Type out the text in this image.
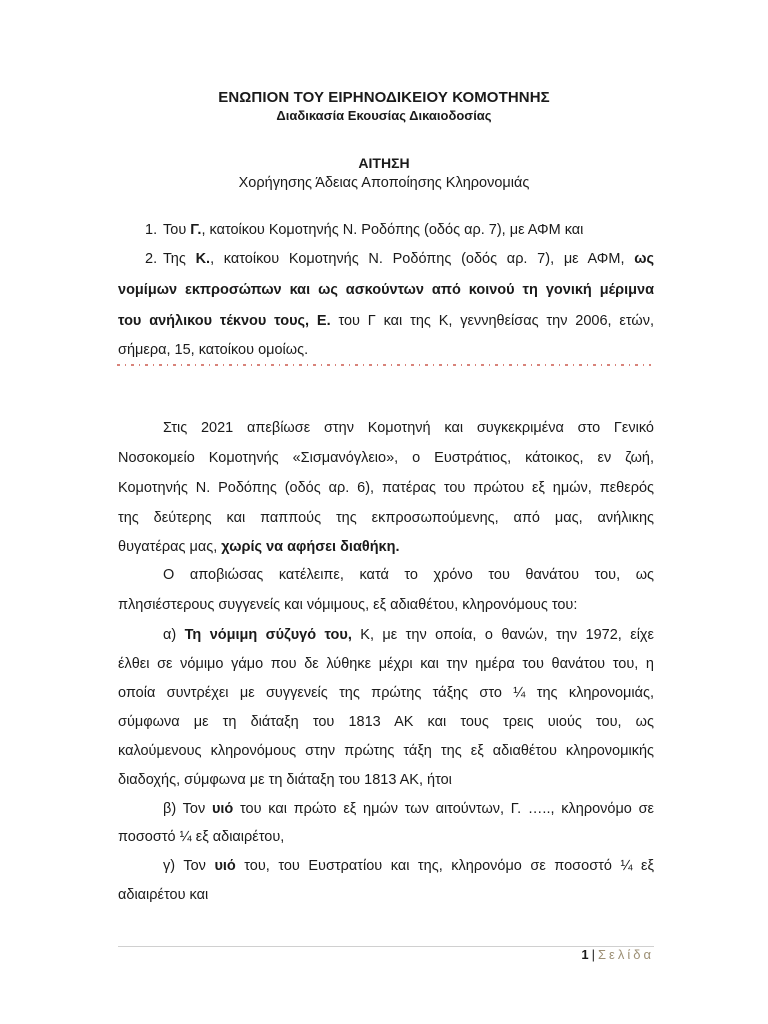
ΕΝΩΠΙΟΝ ΤΟΥ ΕΙΡΗΝΟΔΙΚΕΙΟΥ ΚΟΜΟΤΗΝΗΣ
Διαδικασία Εκουσίας Δικαιοδοσίας
ΑΙΤΗΣΗ
Χορήγησης Άδειας Αποποίησης Κληρονομιάς
1. Του Γ., κατοίκου Κομοτηνής Ν. Ροδόπης (οδός αρ. 7), με ΑΦΜ και
2. Της Κ., κατοίκου Κομοτηνής Ν. Ροδόπης (οδός αρ. 7), με ΑΦΜ, ως
νομίμων εκπροσώπων και ως ασκούντων από κοινού τη γονική μέριμνα
του ανήλικου τέκνου τους, Ε. του Γ και της Κ, γεννηθείσας την 2006, ετών,
σήμερα, 15, κατοίκου ομοίως.
Στις 2021 απεβίωσε στην Κομοτηνή και συγκεκριμένα στο Γενικό
Νοσοκομείο Κομοτηνής «Σισμανόγλειο», ο Ευστράτιος, κάτοικος, εν ζωή,
Κομοτηνής Ν. Ροδόπης (οδός αρ. 6), πατέρας του πρώτου εξ ημών, πεθερός
της δεύτερης και παππούς της εκπροσωπούμενης, από μας, ανήλικης
θυγατέρας μας, χωρίς να αφήσει διαθήκη.
Ο αποβιώσας κατέλειπε, κατά το χρόνο του θανάτου του, ως
πλησιέστερους συγγενείς και νόμιμους, εξ αδιαθέτου, κληρονόμους του:
α) Τη νόμιμη σύζυγό του, Κ, με την οποία, ο θανών, την 1972, είχε
έλθει σε νόμιμο γάμο που δε λύθηκε μέχρι και την ημέρα του θανάτου του, η
οποία συντρέχει με συγγενείς της πρώτης τάξης στο ¼ της κληρονομιάς,
σύμφωνα με τη διάταξη του 1813 ΑΚ και τους τρεις υιούς του, ως
καλούμενους κληρονόμους στην πρώτης τάξη της εξ αδιαθέτου κληρονομικής
διαδοχής, σύμφωνα με τη διάταξη του 1813 ΑΚ, ήτοι
β) Τον υιό του και πρώτο εξ ημών των αιτούντων, Γ. ….., κληρονόμο σε
ποσοστό ¼ εξ αδιαιρέτου,
γ) Τον υιό του, του Ευστρατίου και της, κληρονόμο σε ποσοστό ¼ εξ
αδιαιρέτου και
1 | Σελίδα
